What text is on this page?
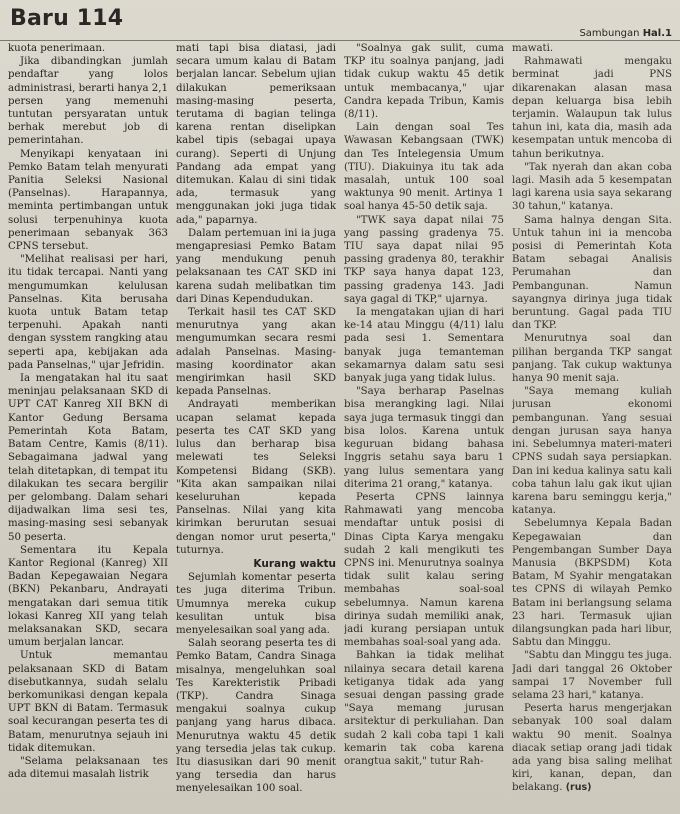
Baru 114
Sambungan Hal.1

kuota penerimaan.

Jika dibandingkan jumlah pendaftar yang lolos administrasi, berarti hanya 2,1 persen yang memenuhi tuntutan persyaratan untuk berhak merebut job di pemerintahan.

Menyikapi kenyataan ini Pemko Batam telah menyurati Panitia Seleksi Nasional (Panselnas). Harapannya, meminta pertimbangan untuk solusi terpenuhinya kuota penerimaan sebanyak 363 CPNS tersebut.

"Melihat realisasi per hari, itu tidak tercapai. Nanti yang mengumumkan kelulusan Panselnas. Kita berusaha kuota untuk Batam tetap terpenuhi. Apakah nanti dengan sysstem rangking atau seperti apa, kebijakan ada pada Panselnas," ujar Jefridin.

Ia mengatakan hal itu saat meninjau pelaksanaan SKD di UPT CAT Kanreg XII BKN di Kantor Gedung Bersama Pemerintah Kota Batam, Batam Centre, Kamis (8/11). Sebagaimana jadwal yang telah ditetapkan, di tempat itu dilakukan tes secara bergilir per gelombang. Dalam sehari dijadwalkan lima sesi tes, masing-masing sesi sebanyak 50 peserta.

Sementara itu Kepala Kantor Regional (Kanreg) XII Badan Kepegawaian Negara (BKN) Pekanbaru, Andrayati mengatakan dari semua titik lokasi Kanreg XII yang telah melaksanakan SKD, secara umum berjalan lancar.

Untuk memantau pelaksanaan SKD di Batam disebutkannya, sudah selalu berkomunikasi dengan kepala UPT BKN di Batam. Termasuk soal kecurangan peserta tes di Batam, menurutnya sejauh ini tidak ditemukan.

"Selama pelaksanaan tes ada ditemui masalah listrik

mati tapi bisa diatasi, jadi secara umum kalau di Batam berjalan lancar. Sebelum ujian dilakukan pemeriksaan masing-masing peserta, terutama di bagian telinga karena rentan diselipkan kabel tipis (sebagai upaya curang). Seperti di Unjung Pandang ada empat yang ditemukan. Kalau di sini tidak ada, termasuk yang menggunakan joki juga tidak ada," paparnya.

Dalam pertemuan ini ia juga mengapresiasi Pemko Batam yang mendukung penuh pelaksanaan tes CAT SKD ini karena sudah melibatkan tim dari Dinas Kependudukan.

Terkait hasil tes CAT SKD menurutnya yang akan mengumumkan secara resmi adalah Panselnas. Masing-masing koordinator akan mengirimkan hasil SKD kepada Panselnas.

Andrayati memberikan ucapan selamat kepada peserta tes CAT SKD yang lulus dan berharap bisa melewati tes Seleksi Kompetensi Bidang (SKB). "Kita akan sampaikan nilai keseluruhan kepada Panselnas. Nilai yang kita kirimkan berurutan sesuai dengan nomor urut peserta," tuturnya.

Kurang waktu

Sejumlah komentar peserta tes juga diterima Tribun. Umumnya mereka cukup kesulitan untuk bisa menyelesaikan soal yang ada.

Salah seorang peserta tes di Pemko Batam, Candra Sinaga misalnya, mengeluhkan soal Tes Karekteristik Pribadi (TKP). Candra Sinaga mengakui soalnya cukup panjang yang harus dibaca. Menurutnya waktu 45 detik yang tersedia jelas tak cukup. Itu diasusikan dari 90 menit yang tersedia dan harus menyelesaikan 100 soal.

"Soalnya gak sulit, cuma TKP itu soalnya panjang, jadi tidak cukup waktu 45 detik untuk membacanya," ujar Candra kepada Tribun, Kamis (8/11).

Lain dengan soal Tes Wawasan Kebangsaan (TWK) dan Tes Intelegensia Umum (TIU). Diakuinya itu tak ada masalah, untuk 100 soal waktunya 90 menit. Artinya 1 soal hanya 45-50 detik saja.

"TWK saya dapat nilai 75 yang passing gradenya 75. TIU saya dapat nilai 95 passing gradenya 80, terakhir TKP saya hanya dapat 123, passing gradenya 143. Jadi saya gagal di TKP," ujarnya.

Ia mengatakan ujian di hari ke-14 atau Minggu (4/11) lalu pada sesi 1. Sementara banyak juga temanteman sekamarnya dalam satu sesi banyak juga yang tidak lulus.

"Saya berharap Paselnas bisa merangking lagi. Nilai saya juga termasuk tinggi dan bisa lolos. Karena untuk keguruan bidang bahasa Inggris setahu saya baru 1 yang lulus sementara yang diterima 21 orang," katanya.

Peserta CPNS lainnya Rahmawati yang mencoba mendaftar untuk posisi di Dinas Cipta Karya mengaku sudah 2 kali mengikuti tes CPNS ini. Menurutnya soalnya tidak sulit kalau sering membahas soal-soal sebelumnya. Namun karena dirinya sudah memiliki anak, jadi kurang persiapan untuk membahas soal-soal yang ada.

Bahkan ia tidak melihat nilainya secara detail karena ketiganya tidak ada yang sesuai dengan passing grade "Saya memang jurusan arsitektur di perkuliahan. Dan sudah 2 kali coba tapi 1 kali kemarin tak coba karena orangtua sakit," tutur Rah-

mawati.

Rahmawati mengaku berminat jadi PNS dikarenakan alasan masa depan keluarga bisa lebih terjamin. Walaupun tak lulus tahun ini, kata dia, masih ada kesempatan untuk mencoba di tahun berikutnya.

"Tak nyerah dan akan coba lagi. Masih ada 5 kesempatan lagi karena usia saya sekarang 30 tahun," katanya.

Sama halnya dengan Sita. Untuk tahun ini ia mencoba posisi di Pemerintah Kota Batam sebagai Analisis Perumahan dan Pembangunan. Namun sayangnya dirinya juga tidak beruntung. Gagal pada TIU dan TKP.

Menurutnya soal dan pilihan berganda TKP sangat panjang. Tak cukup waktunya hanya 90 menit saja.

"Saya memang kuliah jurusan ekonomi pembangunan. Yang sesuai dengan jurusan saya hanya ini. Sebelumnya materi-materi CPNS sudah saya persiapkan. Dan ini kedua kalinya satu kali coba tahun lalu gak ikut ujian karena baru seminggu kerja," katanya.

Sebelumnya Kepala Badan Kepegawaian dan Pengembangan Sumber Daya Manusia (BKPSDM) Kota Batam, M Syahir mengatakan tes CPNS di wilayah Pemko Batam ini berlangsung selama 23 hari. Termasuk ujian dilangsungkan pada hari libur, Sabtu dan Minggu.

"Sabtu dan Minggu tes juga. Jadi dari tanggal 26 Oktober sampai 17 November full selama 23 hari," katanya.

Peserta harus mengerjakan sebanyak 100 soal dalam waktu 90 menit. Soalnya diacak setiap orang jadi tidak ada yang bisa saling melihat kiri, kanan, depan, dan belakang. (rus)
